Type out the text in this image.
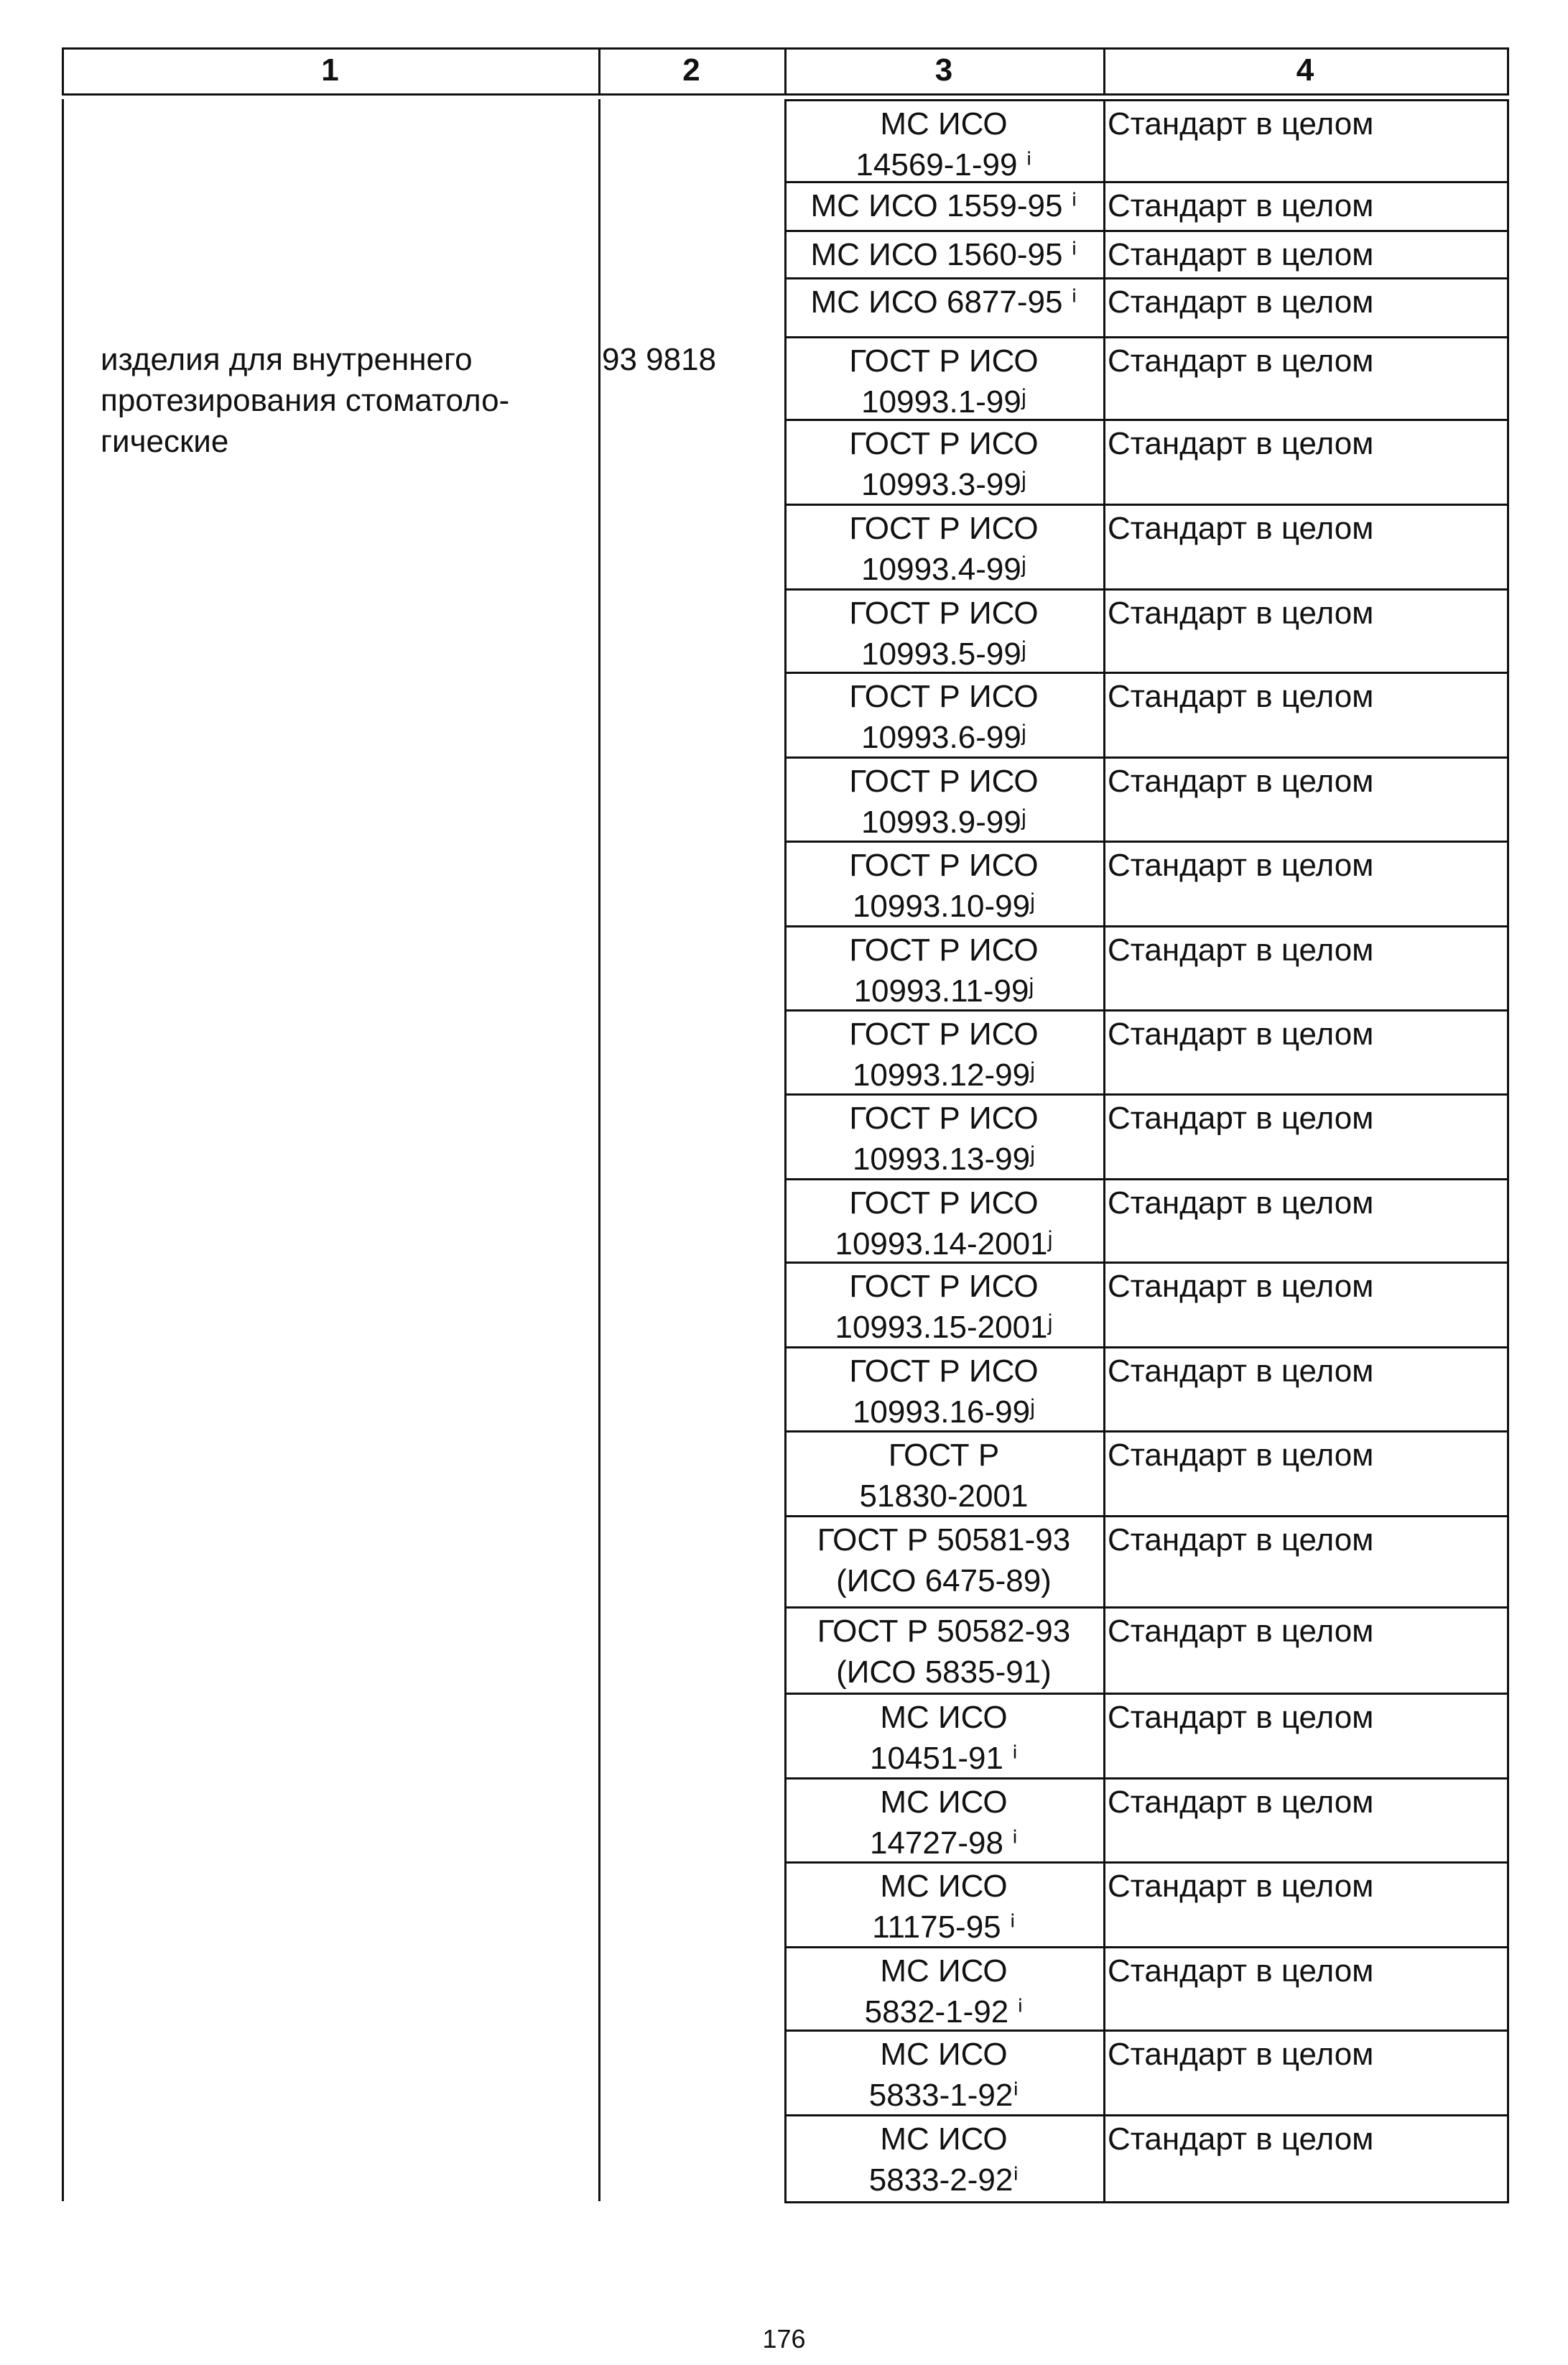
1	2	3	4
изделия для внутреннего
протезирования стоматоло-
гические
93 9818
МС ИСО
14569-1-99 ⁱ
Стандарт в целом
МС ИСО 1559-95 ⁱ Стандарт в целом
МС ИСО 1560-95 ⁱ Стандарт в целом
МС ИСО 6877-95 ⁱ Стандарт в целом
ГОСТ Р ИСО
10993.1-99ʲ
Стандарт в целом
ГОСТ Р ИСО
10993.3-99ʲ
Стандарт в целом
ГОСТ Р ИСО
10993.4-99ʲ
Стандарт в целом
ГОСТ Р ИСО
10993.5-99ʲ
Стандарт в целом
ГОСТ Р ИСО
10993.6-99ʲ
Стандарт в целом
ГОСТ Р ИСО
10993.9-99ʲ
Стандарт в целом
ГОСТ Р ИСО
10993.10-99ʲ
Стандарт в целом
ГОСТ Р ИСО
10993.11-99ʲ
Стандарт в целом
ГОСТ Р ИСО
10993.12-99ʲ
Стандарт в целом
ГОСТ Р ИСО
10993.13-99ʲ
Стандарт в целом
ГОСТ Р ИСО
10993.14-2001ʲ
Стандарт в целом
ГОСТ Р ИСО
10993.15-2001ʲ
Стандарт в целом
ГОСТ Р ИСО
10993.16-99ʲ
Стандарт в целом
ГОСТ Р
51830-2001
Стандарт в целом
ГОСТ Р 50581-93
(ИСО 6475-89)
Стандарт в целом
ГОСТ Р 50582-93
(ИСО 5835-91)
Стандарт в целом
МС ИСО
10451-91 ⁱ
Стандарт в целом
МС ИСО
14727-98 ⁱ
Стандарт в целом
МС ИСО
11175-95 ⁱ
Стандарт в целом
МС ИСО
5832-1-92 ⁱ
Стандарт в целом
МС ИСО
5833-1-92ⁱ
Стандарт в целом
МС ИСО
5833-2-92ⁱ
Стандарт в целом
176
